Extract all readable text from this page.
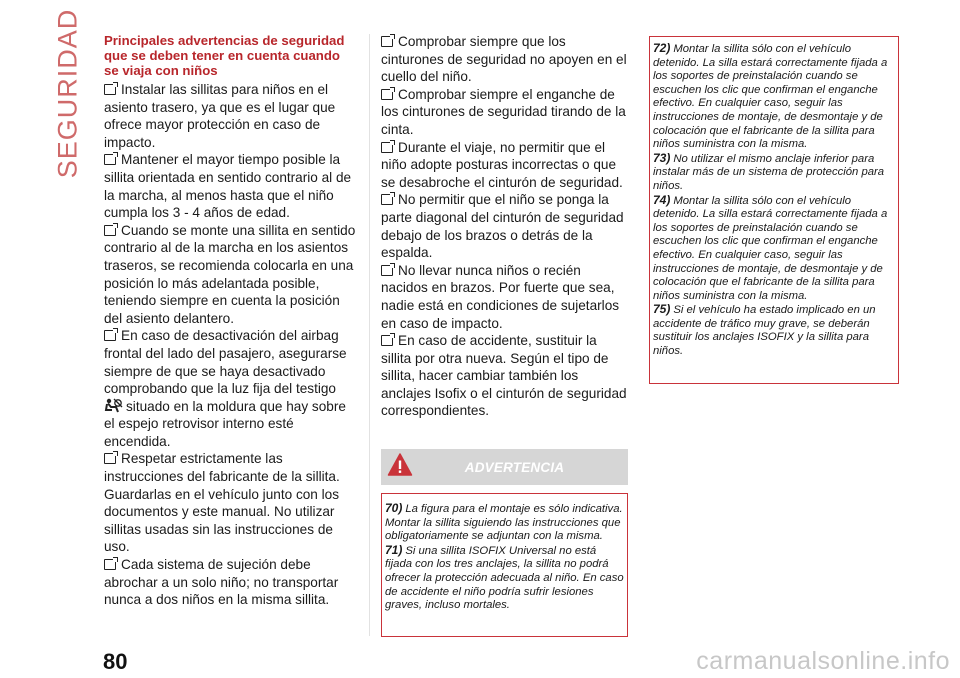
SEGURIDAD Principales advertencias de seguridad que se deben tener en cuenta cuando se viaja con niños
Instalar las sillitas para niños en el asiento trasero, ya que es el lugar que ofrece mayor protección en caso de impacto.
Mantener el mayor tiempo posible la sillita orientada en sentido contrario al de la marcha, al menos hasta que el niño cumpla los 3 - 4 años de edad.
Cuando se monte una sillita en sentido contrario al de la marcha en los asientos traseros, se recomienda colocarla en una posición lo más adelantada posible, teniendo siempre en cuenta la posición del asiento delantero.
En caso de desactivación del airbag frontal del lado del pasajero, asegurarse siempre de que se haya desactivado comprobando que la luz fija del testigo
situado en la moldura que hay sobre el espejo retrovisor interno esté encendida.
Respetar estrictamente las instrucciones del fabricante de la sillita. Guardarlas en el vehículo junto con los documentos y este manual. No utilizar sillitas usadas sin las instrucciones de uso.
Cada sistema de sujeción debe abrochar a un solo niño; no transportar nunca a dos niños en la misma sillita.
Comprobar siempre que los cinturones de seguridad no apoyen en el cuello del niño.
Comprobar siempre el enganche de los cinturones de seguridad tirando de la cinta.
Durante el viaje, no permitir que el niño adopte posturas incorrectas o que se desabroche el cinturón de seguridad.
No permitir que el niño se ponga la parte diagonal del cinturón de seguridad debajo de los brazos o detrás de la espalda.
No llevar nunca niños o recién nacidos en brazos. Por fuerte que sea, nadie está en condiciones de sujetarlos en caso de impacto.
En caso de accidente, sustituir la sillita por otra nueva. Según el tipo de sillita, hacer cambiar también los anclajes Isofix o el cinturón de seguridad correspondientes.
ADVERTENCIA
70) La figura para el montaje es sólo indicativa. Montar la sillita siguiendo las instrucciones que obligatoriamente se adjuntan con la misma.
71) Si una sillita ISOFIX Universal no está fijada con los tres anclajes, la sillita no podrá ofrecer la protección adecuada al niño. En caso de accidente el niño podría sufrir lesiones graves, incluso mortales.
72) Montar la sillita sólo con el vehículo detenido. La silla estará correctamente fijada a los soportes de preinstalación cuando se escuchen los clic que confirman el enganche efectivo. En cualquier caso, seguir las instrucciones de montaje, de desmontaje y de colocación que el fabricante de la sillita para niños suministra con la misma.
73) No utilizar el mismo anclaje inferior para instalar más de un sistema de protección para niños.
74) Montar la sillita sólo con el vehículo detenido. La silla estará correctamente fijada a los soportes de preinstalación cuando se escuchen los clic que confirman el enganche efectivo. En cualquier caso, seguir las instrucciones de montaje, de desmontaje y de colocación que el fabricante de la sillita para niños suministra con la misma.
75) Si el vehículo ha estado implicado en un accidente de tráfico muy grave, se deberán sustituir los anclajes ISOFIX y la sillita para niños.
80	carmanualsonline.info
